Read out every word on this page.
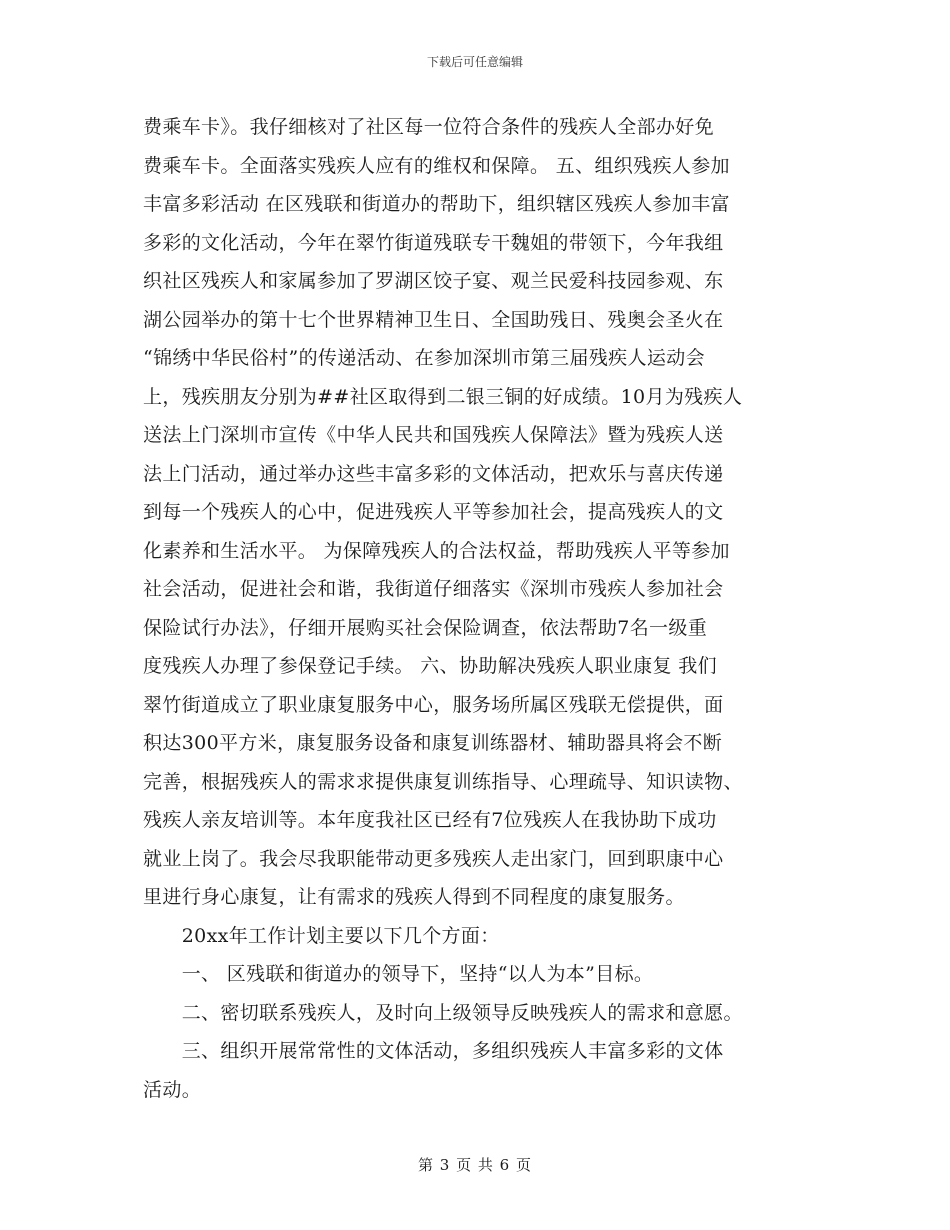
下载后可任意编辑
费乘车卡》。我仔细核对了社区每一位符合条件的残疾人全部办好免
费乘车卡。全面落实残疾人应有的维权和保障。 五、组织残疾人参加
丰富多彩活动 在区残联和街道办的帮助下，组织辖区残疾人参加丰富
多彩的文化活动，今年在翠竹街道残联专干魏姐的带领下，今年我组
织社区残疾人和家属参加了罗湖区饺子宴、观兰民爱科技园参观、东
湖公园举办的第十七个世界精神卫生日、全国助残日、残奥会圣火在
“锦绣中华民俗村”的传递活动、在参加深圳市第三届残疾人运动会
上，残疾朋友分别为##社区取得到二银三铜的好成绩。10月为残疾人
送法上门深圳市宣传《中华人民共和国残疾人保障法》暨为残疾人送
法上门活动，通过举办这些丰富多彩的文体活动，把欢乐与喜庆传递
到每一个残疾人的心中，促进残疾人平等参加社会，提高残疾人的文
化素养和生活水平。 为保障残疾人的合法权益，帮助残疾人平等参加
社会活动，促进社会和谐，我街道仔细落实《深圳市残疾人参加社会
保险试行办法》，仔细开展购买社会保险调查，依法帮助7名一级重
度残疾人办理了参保登记手续。 六、协助解决残疾人职业康复 我们
翠竹街道成立了职业康复服务中心，服务场所属区残联无偿提供，面
积达300平方米，康复服务设备和康复训练器材、辅助器具将会不断
完善，根据残疾人的需求求提供康复训练指导、心理疏导、知识读物、
残疾人亲友培训等。本年度我社区已经有7位残疾人在我协助下成功
就业上岗了。我会尽我职能带动更多残疾人走出家门，回到职康中心
里进行身心康复，让有需求的残疾人得到不同程度的康复服务。
　　20xx年工作计划主要以下几个方面：
　　一、 区残联和街道办的领导下，坚持“以人为本”目标。
　　二、密切联系残疾人，及时向上级领导反映残疾人的需求和意愿。
　　三、组织开展常常性的文体活动，多组织残疾人丰富多彩的文体
活动。
第 3 页 共 6 页
